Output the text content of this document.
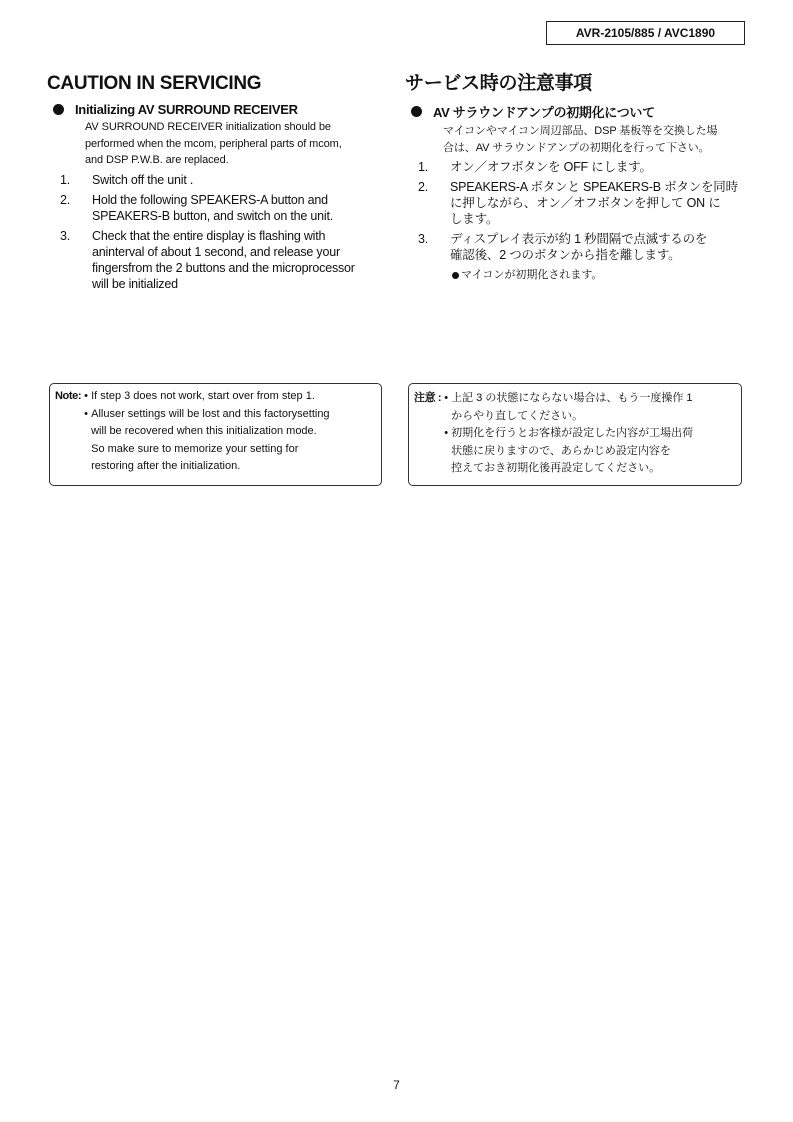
AVR-2105/885 / AVC1890
CAUTION IN SERVICING
Initializing AV SURROUND RECEIVER
AV SURROUND RECEIVER initialization should be
performed when the mcom, peripheral parts of mcom,
and DSP P.W.B. are replaced.
1.	Switch off the unit .
2.	Hold the following SPEAKERS-A button and
SPEAKERS-B button, and switch on the unit.
3.	Check that the entire display is flashing with
aninterval of about 1 second, and release your
fingersfrom the 2 buttons and the microprocessor
will be initialized
サービス時の注意事項
AV サラウンドアンプの初期化について
マイコンやマイコン周辺部品、DSP 基板等を交換した場
合は、AV サラウンドアンプの初期化を行って下さい。
1.	オン／オフボタンを OFF にします。
2.	SPEAKERS-A ボタンと SPEAKERS-B ボタンを同時
に押しながら、オン／オフボタンを押して ON に
します。
3.	ディスプレイ表示が約 1 秒間隔で点滅するのを
確認後、2 つのボタンから指を離します。
マイコンが初期化されます。
Note: • If step 3 does not work, start over from step 1.
• Alluser settings will be lost and this factorysetting
will be recovered when this initialization mode.
So make sure to memorize your setting for
restoring after the initialization.
注意 : • 上記 3 の状態にならない場合は、もう一度操作 1
からやり直してください。
• 初期化を行うとお客様が設定した内容が工場出荷
状態に戻りますので、あらかじめ設定内容を
控えておき初期化後再設定してください。
7
